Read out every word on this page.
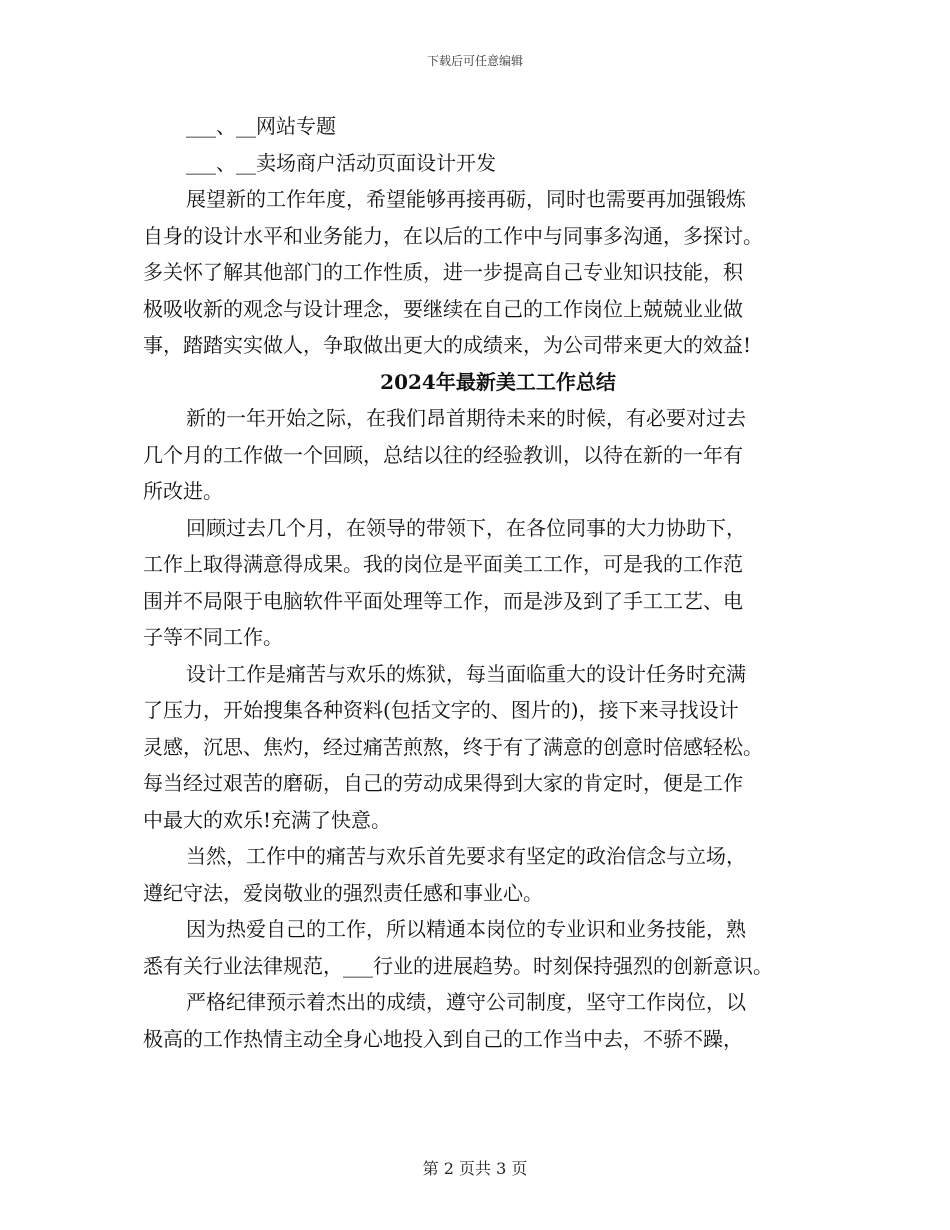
下载后可任意编辑

___、__网站专题

___、__卖场商户活动页面设计开发

展望新的工作年度，希望能够再接再砺，同时也需要再加强锻炼

自身的设计水平和业务能力，在以后的工作中与同事多沟通，多探讨。

多关怀了解其他部门的工作性质，进一步提高自己专业知识技能，积

极吸收新的观念与设计理念，要继续在自己的工作岗位上兢兢业业做

事，踏踏实实做人，争取做出更大的成绩来，为公司带来更大的效益!

2024年最新美工工作总结

新的一年开始之际，在我们昂首期待未来的时候，有必要对过去

几个月的工作做一个回顾，总结以往的经验教训，以待在新的一年有

所改进。

回顾过去几个月，在领导的带领下，在各位同事的大力协助下，

工作上取得满意得成果。我的岗位是平面美工工作，可是我的工作范

围并不局限于电脑软件平面处理等工作，而是涉及到了手工工艺、电

子等不同工作。

设计工作是痛苦与欢乐的炼狱，每当面临重大的设计任务时充满

了压力，开始搜集各种资料(包括文字的、图片的)，接下来寻找设计

灵感，沉思、焦灼，经过痛苦煎熬，终于有了满意的创意时倍感轻松。

每当经过艰苦的磨砺，自己的劳动成果得到大家的肯定时，便是工作

中最大的欢乐!充满了快意。

当然，工作中的痛苦与欢乐首先要求有坚定的政治信念与立场，

遵纪守法，爱岗敬业的强烈责任感和事业心。

因为热爱自己的工作，所以精通本岗位的专业识和业务技能，熟

悉有关行业法律规范，___行业的进展趋势。时刻保持强烈的创新意识。

严格纪律预示着杰出的成绩，遵守公司制度，坚守工作岗位，以

极高的工作热情主动全身心地投入到自己的工作当中去，不骄不躁，

第 2 页共 3 页
